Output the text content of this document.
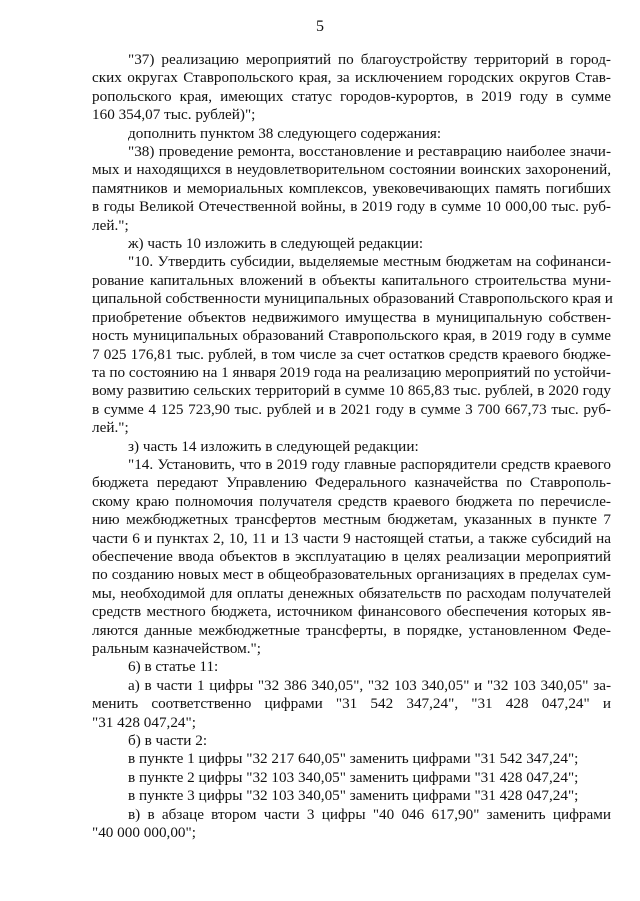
5
"37) реализацию мероприятий по благоустройству территорий в город-
ских округах Ставропольского края, за исключением городских округов Став-
ропольского края, имеющих статус городов-курортов, в 2019 году в сумме
160 354,07 тыс. рублей)";
дополнить пунктом 38 следующего содержания:
"38) проведение ремонта, восстановление и реставрацию наиболее значи-
мых и находящихся в неудовлетворительном состоянии воинских захоронений,
памятников и мемориальных комплексов, увековечивающих память погибших
в годы Великой Отечественной войны, в 2019 году в сумме 10 000,00 тыс. руб-
лей.";
ж) часть 10 изложить в следующей редакции:
"10. Утвердить субсидии, выделяемые местным бюджетам на софинанси-
рование капитальных вложений в объекты капитального строительства муни-
ципальной собственности муниципальных образований Ставропольского края и
приобретение объектов недвижимого имущества в муниципальную собствен-
ность муниципальных образований Ставропольского края, в 2019 году в сумме
7 025 176,81 тыс. рублей, в том числе за счет остатков средств краевого бюдже-
та по состоянию на 1 января 2019 года на реализацию мероприятий по устойчи-
вому развитию сельских территорий в сумме 10 865,83 тыс. рублей, в 2020 году
в сумме 4 125 723,90 тыс. рублей и в 2021 году в сумме 3 700 667,73 тыс. руб-
лей.";
з) часть 14 изложить в следующей редакции:
"14. Установить, что в 2019 году главные распорядители средств краевого
бюджета передают Управлению Федерального казначейства по Ставрополь-
скому краю полномочия получателя средств краевого бюджета по перечисле-
нию межбюджетных трансфертов местным бюджетам, указанных в пункте 7
части 6 и пунктах 2, 10, 11 и 13 части 9 настоящей статьи, а также субсидий на
обеспечение ввода объектов в эксплуатацию в целях реализации мероприятий
по созданию новых мест в общеобразовательных организациях в пределах сум-
мы, необходимой для оплаты денежных обязательств по расходам получателей
средств местного бюджета, источником финансового обеспечения которых яв-
ляются данные межбюджетные трансферты, в порядке, установленном Феде-
ральным казначейством.";
6) в статье 11:
а) в части 1 цифры "32 386 340,05", "32 103 340,05" и "32 103 340,05" за-
менить соответственно цифрами "31 542 347,24", "31 428 047,24" и
"31 428 047,24";
б) в части 2:
в пункте 1 цифры "32 217 640,05" заменить цифрами "31 542 347,24";
в пункте 2 цифры "32 103 340,05" заменить цифрами "31 428 047,24";
в пункте 3 цифры "32 103 340,05" заменить цифрами "31 428 047,24";
в) в абзаце втором части 3 цифры "40 046 617,90" заменить цифрами
"40 000 000,00";
